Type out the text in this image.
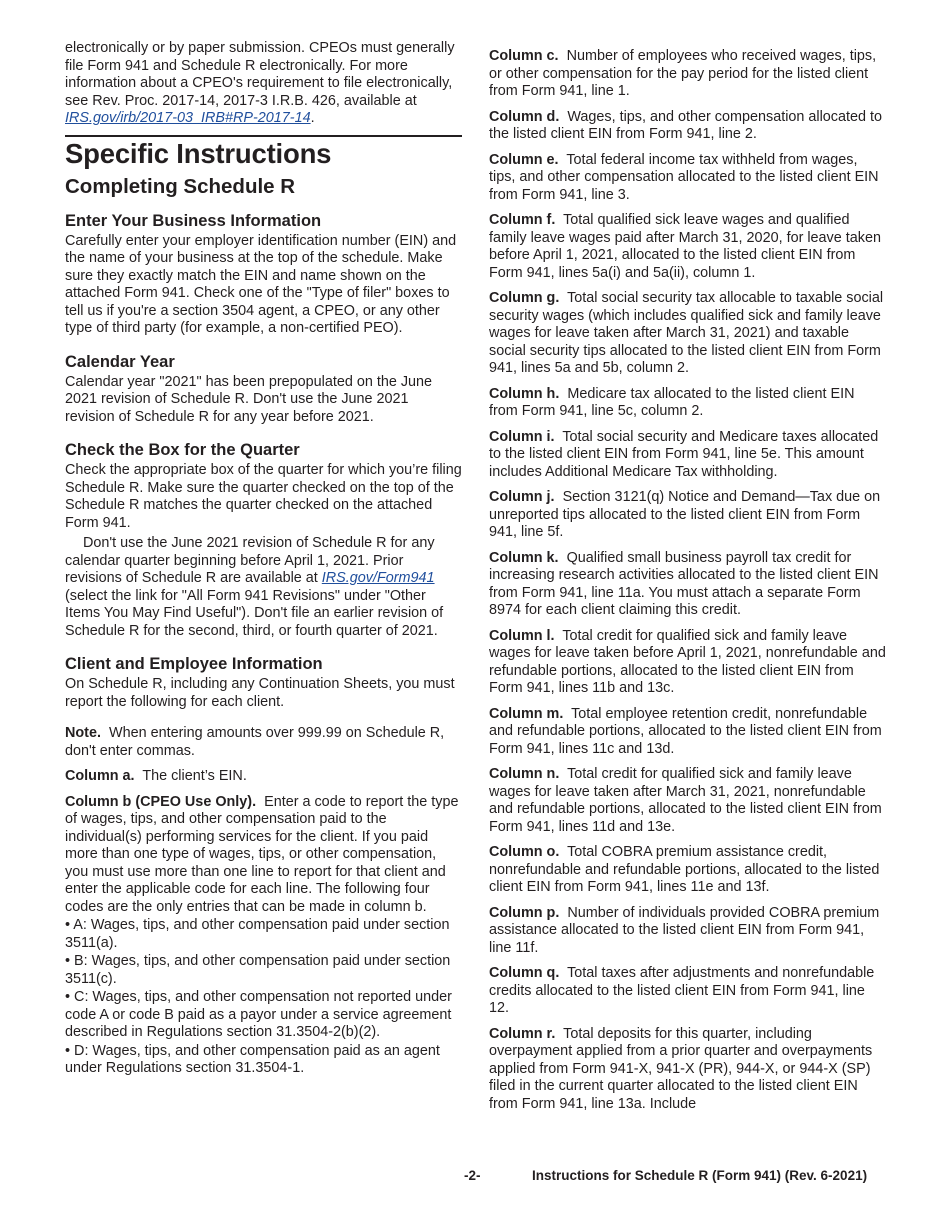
electronically or by paper submission. CPEOs must generally file Form 941 and Schedule R electronically. For more information about a CPEO's requirement to file electronically, see Rev. Proc. 2017-14, 2017-3 I.R.B. 426, available at IRS.gov/irb/2017-03_IRB#RP-2017-14.

Specific Instructions
Completing Schedule R
Enter Your Business Information

Carefully enter your employer identification number (EIN) and the name of your business at the top of the schedule. Make sure they exactly match the EIN and name shown on the attached Form 941. Check one of the "Type of filer" boxes to tell us if you're a section 3504 agent, a CPEO, or any other type of third party (for example, a non-certified PEO).

Calendar Year

Calendar year "2021" has been prepopulated on the June 2021 revision of Schedule R. Don't use the June 2021 revision of Schedule R for any year before 2021.

Check the Box for the Quarter

Check the appropriate box of the quarter for which you’re filing Schedule R. Make sure the quarter checked on the top of the Schedule R matches the quarter checked on the attached Form 941.

Don't use the June 2021 revision of Schedule R for any calendar quarter beginning before April 1, 2021. Prior revisions of Schedule R are available at IRS.gov/Form941 (select the link for "All Form 941 Revisions" under "Other Items You May Find Useful"). Don't file an earlier revision of Schedule R for the second, third, or fourth quarter of 2021.

Client and Employee Information

On Schedule R, including any Continuation Sheets, you must report the following for each client.

Note. When entering amounts over 999.99 on Schedule R, don't enter commas.

Column a. The client’s EIN.

Column b (CPEO Use Only). Enter a code to report the type of wages, tips, and other compensation paid to the individual(s) performing services for the client. If you paid more than one type of wages, tips, or other compensation, you must use more than one line to report for that client and enter the applicable code for each line. The following four codes are the only entries that can be made in column b.

• A: Wages, tips, and other compensation paid under section 3511(a).

• B: Wages, tips, and other compensation paid under section 3511(c).

• C: Wages, tips, and other compensation not reported under code A or code B paid as a payor under a service agreement described in Regulations section 31.3504-2(b)(2).

• D: Wages, tips, and other compensation paid as an agent under Regulations section 31.3504-1.

Column c. Number of employees who received wages, tips, or other compensation for the pay period for the listed client from Form 941, line 1.

Column d. Wages, tips, and other compensation allocated to the listed client EIN from Form 941, line 2.

Column e. Total federal income tax withheld from wages, tips, and other compensation allocated to the listed client EIN from Form 941, line 3.

Column f. Total qualified sick leave wages and qualified family leave wages paid after March 31, 2020, for leave taken before April 1, 2021, allocated to the listed client EIN from Form 941, lines 5a(i) and 5a(ii), column 1.

Column g. Total social security tax allocable to taxable social security wages (which includes qualified sick and family leave wages for leave taken after March 31, 2021) and taxable social security tips allocated to the listed client EIN from Form 941, lines 5a and 5b, column 2.

Column h. Medicare tax allocated to the listed client EIN from Form 941, line 5c, column 2.

Column i. Total social security and Medicare taxes allocated to the listed client EIN from Form 941, line 5e. This amount includes Additional Medicare Tax withholding.

Column j. Section 3121(q) Notice and Demand—Tax due on unreported tips allocated to the listed client EIN from Form 941, line 5f.

Column k. Qualified small business payroll tax credit for increasing research activities allocated to the listed client EIN from Form 941, line 11a. You must attach a separate Form 8974 for each client claiming this credit.

Column l. Total credit for qualified sick and family leave wages for leave taken before April 1, 2021, nonrefundable and refundable portions, allocated to the listed client EIN from Form 941, lines 11b and 13c.

Column m. Total employee retention credit, nonrefundable and refundable portions, allocated to the listed client EIN from Form 941, lines 11c and 13d.

Column n. Total credit for qualified sick and family leave wages for leave taken after March 31, 2021, nonrefundable and refundable portions, allocated to the listed client EIN from Form 941, lines 11d and 13e.

Column o. Total COBRA premium assistance credit, nonrefundable and refundable portions, allocated to the listed client EIN from Form 941, lines 11e and 13f.

Column p. Number of individuals provided COBRA premium assistance allocated to the listed client EIN from Form 941, line 11f.

Column q. Total taxes after adjustments and nonrefundable credits allocated to the listed client EIN from Form 941, line 12.

Column r. Total deposits for this quarter, including overpayment applied from a prior quarter and overpayments applied from Form 941-X, 941-X (PR), 944-X, or 944-X (SP) filed in the current quarter allocated to the listed client EIN from Form 941, line 13a. Include

-2-	Instructions for Schedule R (Form 941) (Rev. 6-2021)
